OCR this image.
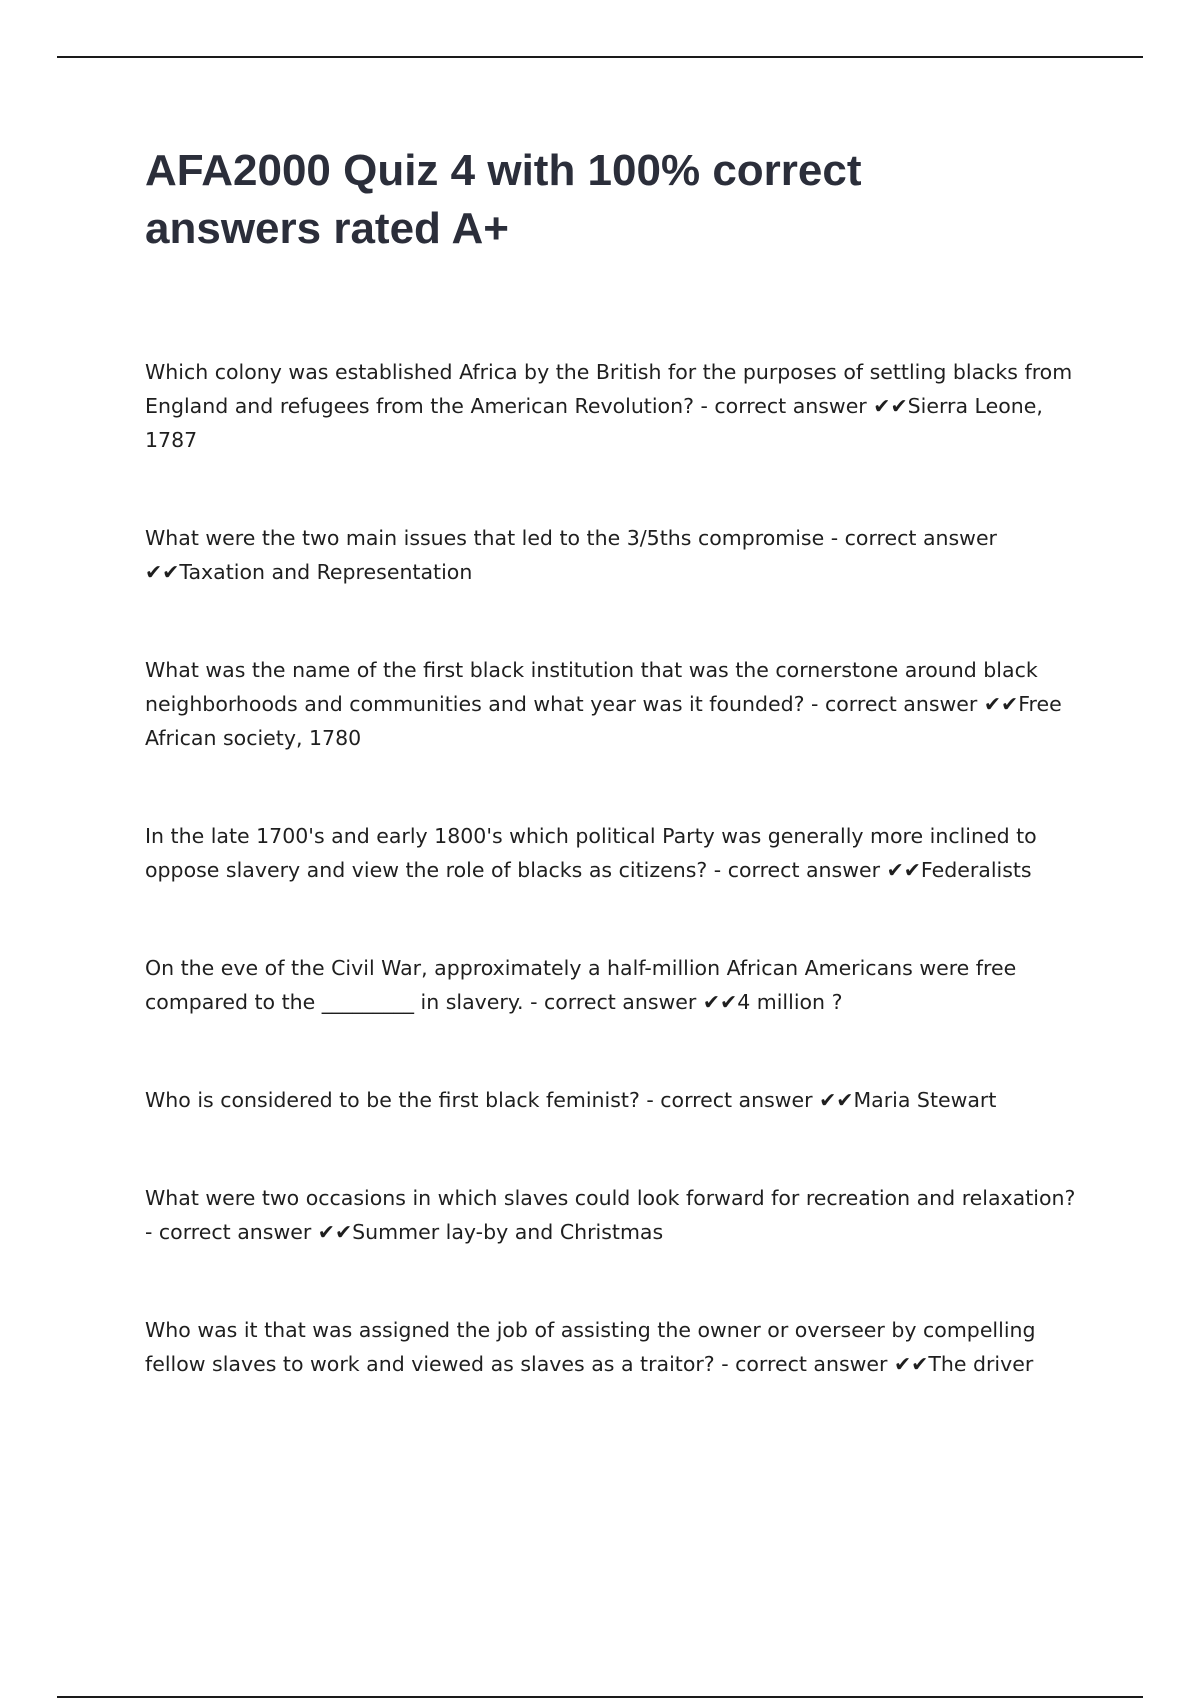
AFA2000 Quiz 4 with 100% correct answers rated A+
Which colony was established Africa by the British for the purposes of settling blacks from England and refugees from the American Revolution? - correct answer ✔✔Sierra Leone, 1787
What were the two main issues that led to the 3/5ths compromise - correct answer ✔✔Taxation and Representation
What was the name of the first black institution that was the cornerstone around black neighborhoods and communities and what year was it founded? - correct answer ✔✔Free African society, 1780
In the late 1700's and early 1800's which political Party was generally more inclined to oppose slavery and view the role of blacks as citizens? - correct answer ✔✔Federalists
On the eve of the Civil War, approximately a half-million African Americans were free compared to the _________ in slavery. - correct answer ✔✔4 million ?
Who is considered to be the first black feminist? - correct answer ✔✔Maria Stewart
What were two occasions in which slaves could look forward for recreation and relaxation? - correct answer ✔✔Summer lay-by and Christmas
Who was it that was assigned the job of assisting the owner or overseer by compelling fellow slaves to work and viewed as slaves as a traitor? - correct answer ✔✔The driver
